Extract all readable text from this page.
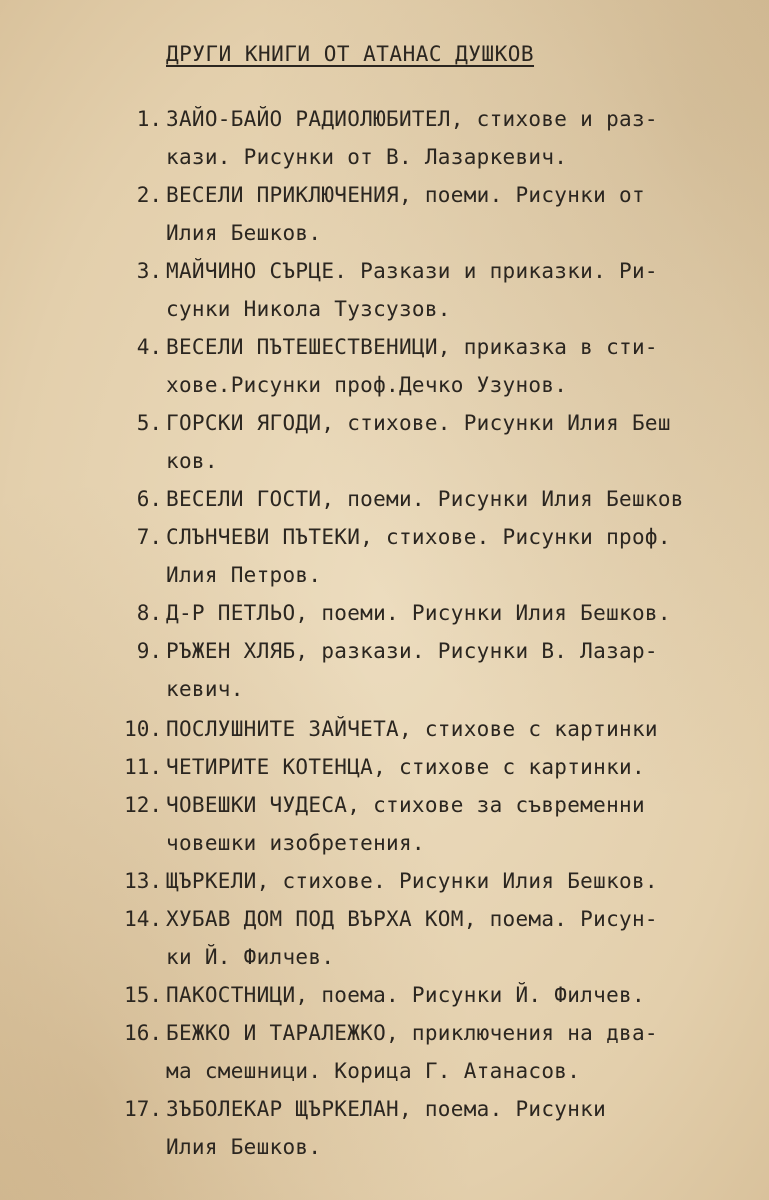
ДРУГИ КНИГИ ОТ АТАНАС ДУШКОВ
1. ЗАЙО-БАЙО РАДИОЛЮБИТЕЛ, стихове и раз-
кази. Рисунки от В. Лазаркевич.
2. ВЕСЕЛИ ПРИКЛЮЧЕНИЯ, поеми. Рисунки от
Илия Бешков.
3. МАЙЧИНО СЪРЦЕ. Разкази и приказки. Ри-
сунки Никола Тузсузов.
4. ВЕСЕЛИ ПЪТЕШЕСТВЕНИЦИ, приказка в сти-
хове.Рисунки проф.Дечко Узунов.
5. ГОРСКИ ЯГОДИ, стихове. Рисунки Илия Беш
ков.
6. ВЕСЕЛИ ГОСТИ, поеми. Рисунки Илия Бешков
7. СЛЪНЧЕВИ ПЪТЕКИ, стихове. Рисунки проф.
Илия Петров.
8. Д-Р ПЕТЛЬО, поеми. Рисунки Илия Бешков.
9. РЪЖЕН ХЛЯБ, разкази. Рисунки В. Лазар-
кевич.
10. ПОСЛУШНИТЕ ЗАЙЧЕТА, стихове с картинки
11. ЧЕТИРИТЕ КОТЕНЦА, стихове с картинки.
12. ЧОВЕШКИ ЧУДЕСА, стихове за съвременни
човешки изобретения.
13. ЩЪРКЕЛИ, стихове. Рисунки Илия Бешков.
14. ХУБАВ ДОМ ПОД ВЪРХА КОМ, поема. Рисун-
ки Й. Филчев.
15. ПАКОСТНИЦИ, поема. Рисунки Й. Филчев.
16. БЕЖКО И ТАРАЛЕЖКО, приключения на два-
ма смешници. Корица Г. Атанасов.
17. ЗЪБОЛЕКАР ЩЪРКЕЛАН, поема. Рисунки
Илия Бешков.
